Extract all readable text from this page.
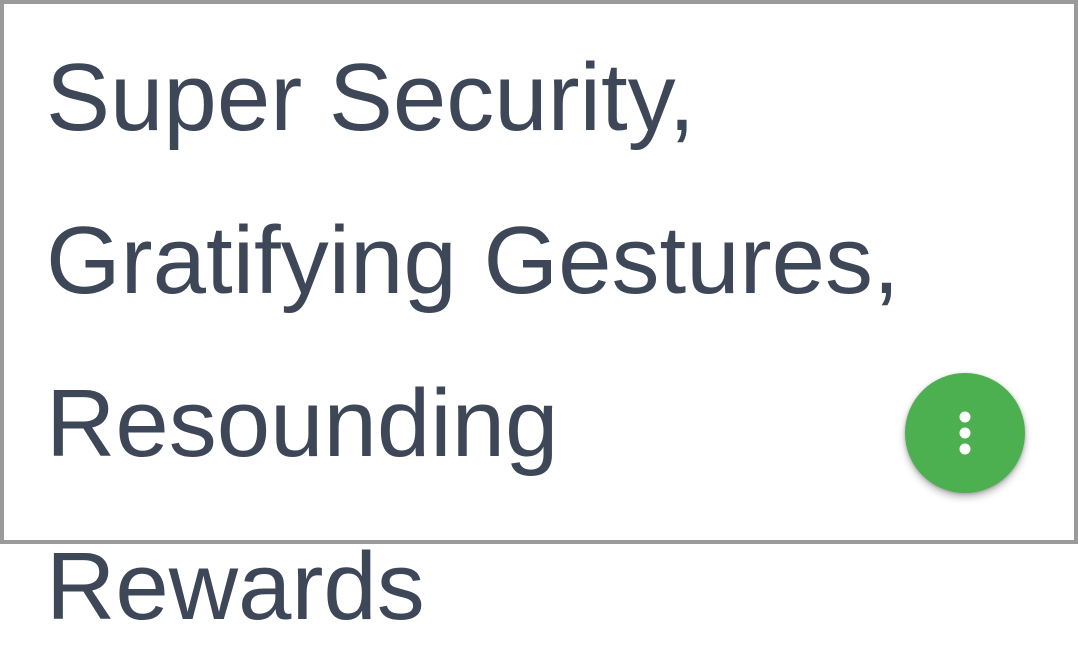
Super Security,
Gratifying Gestures,
Resounding
Rewards
